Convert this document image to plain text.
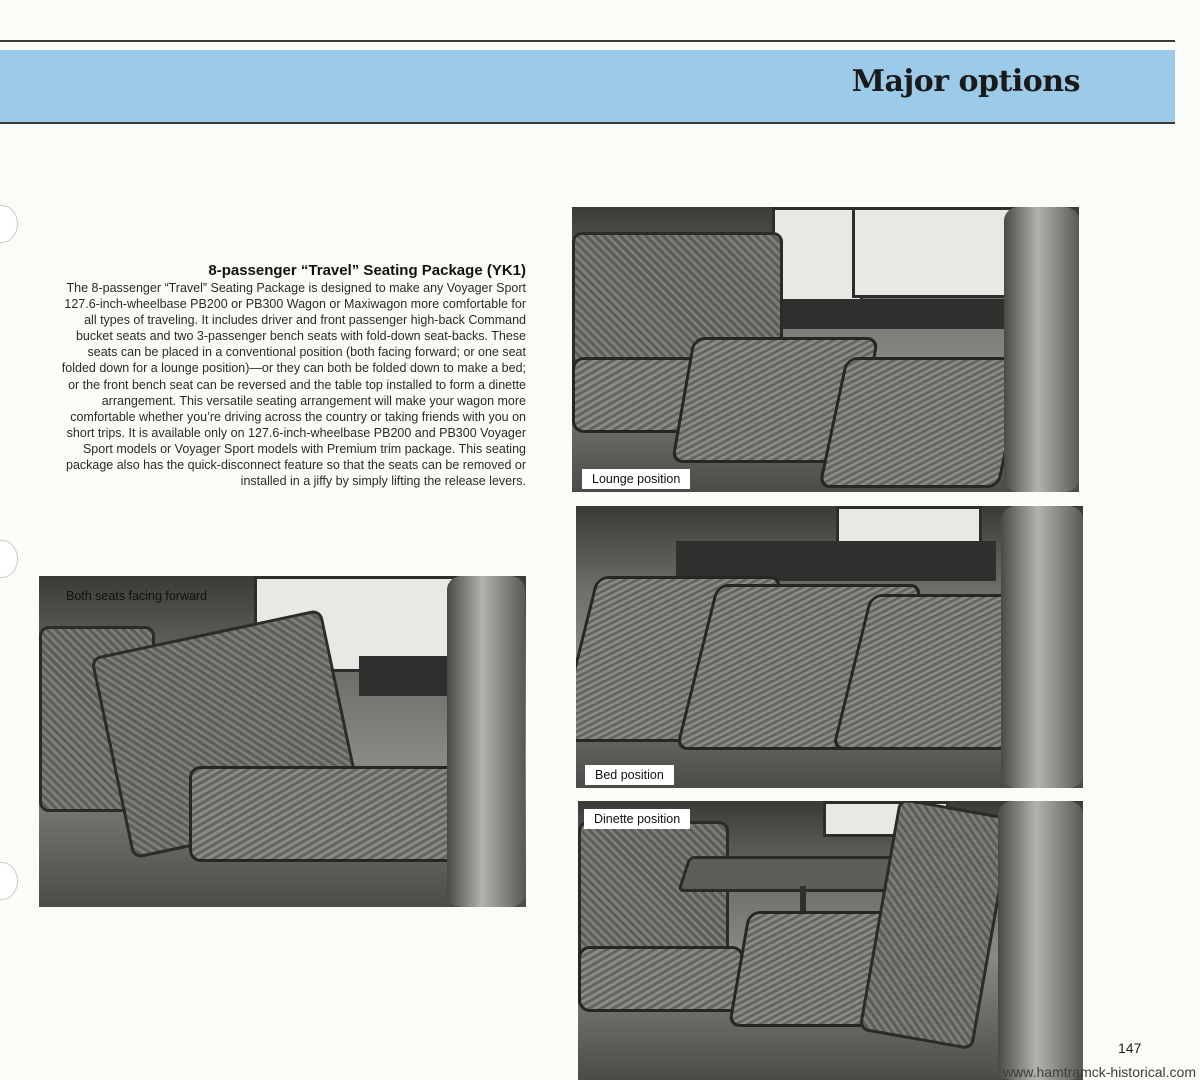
Major options
8-passenger “Travel” Seating Package (YK1)

The 8-passenger “Travel” Seating Package is designed to make any Voyager Sport 127.6-inch-wheelbase PB200 or PB300 Wagon or Maxiwagon more comfortable for all types of traveling. It includes driver and front passenger high-back Command bucket seats and two 3-passenger bench seats with fold-down seat-backs. These seats can be placed in a conventional position (both facing forward; or one seat folded down for a lounge position)—or they can both be folded down to make a bed; or the front bench seat can be reversed and the table top installed to form a dinette arrangement. This versatile seating arrangement will make your wagon more comfortable whether you’re driving across the country or taking friends with you on short trips. It is available only on 127.6-inch-wheelbase PB200 and PB300 Voyager Sport models or Voyager Sport models with Premium trim package. This seating package also has the quick-disconnect feature so that the seats can be removed or installed in a jiffy by simply lifting the release levers.

Both seats facing forward
Lounge position
Bed position
Dinette position
147
www.hamtramck-historical.com
